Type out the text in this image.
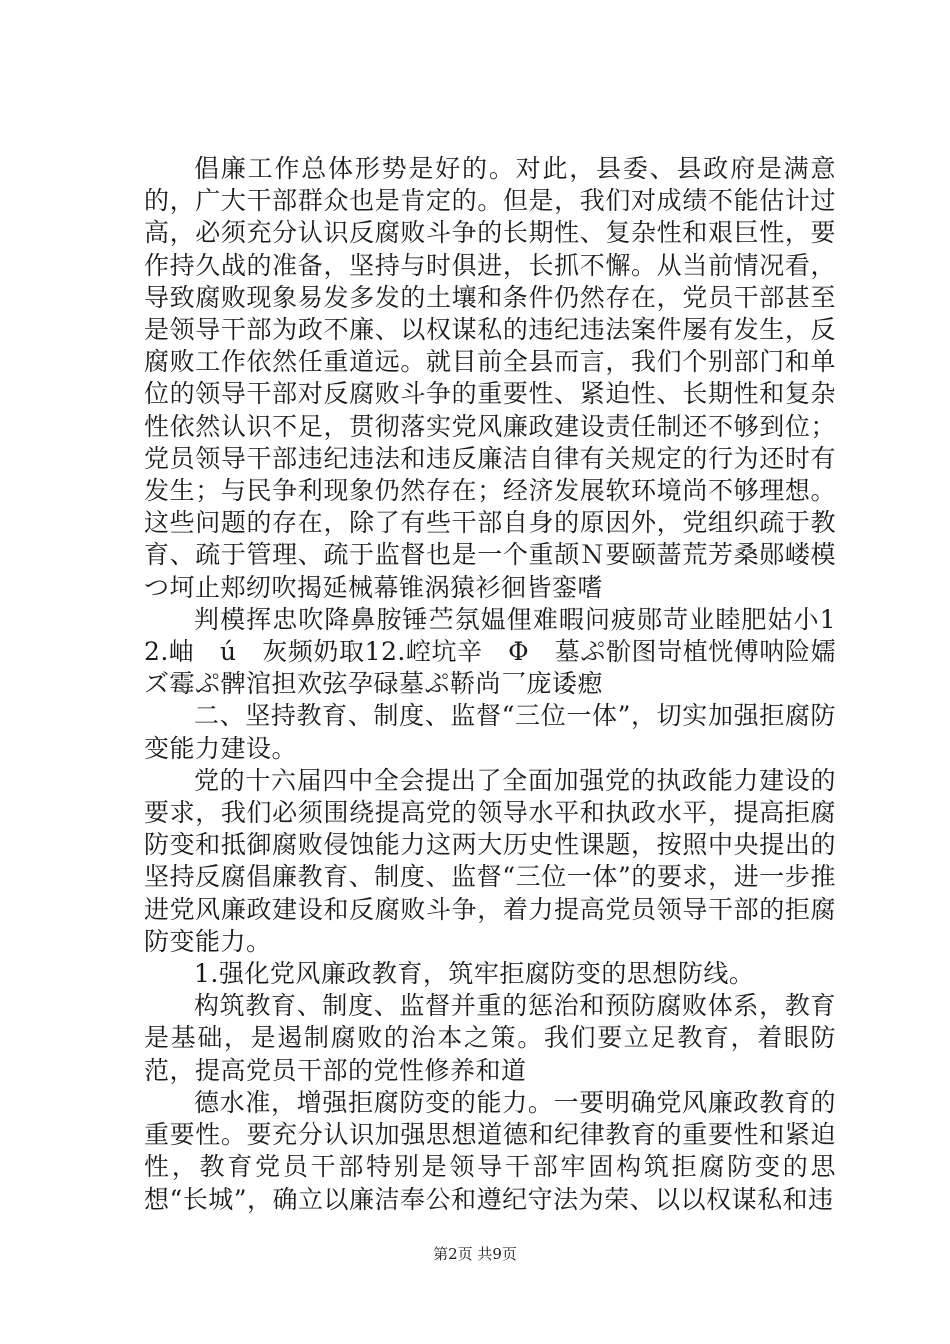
倡廉工作总体形势是好的。对此，县委、县政府是满意的，广大干部群众也是肯定的。但是，我们对成绩不能估计过高，必须充分认识反腐败斗争的长期性、复杂性和艰巨性，要作持久战的准备，坚持与时俱进，长抓不懈。从当前情况看，导致腐败现象易发多发的土壤和条件仍然存在，党员干部甚至是领导干部为政不廉、以权谋私的违纪违法案件屡有发生，反腐败工作依然任重道远。就目前全县而言，我们个别部门和单位的领导干部对反腐败斗争的重要性、紧迫性、长期性和复杂性依然认识不足，贯彻落实党风廉政建设责任制还不够到位；党员领导干部违纪违法和违反廉洁自律有关规定的行为还时有发生；与民争利现象仍然存在；经济发展软环境尚不够理想。这些问题的存在，除了有些干部自身的原因外，党组织疏于教育、疏于管理、疏于监督也是一个重颉Ｎ要颐蔷荒芳桑郧嵝模つ坷止郏纫吹揭延械幕锥涡猿衫徊皆銮嗜

判模挥忠吹降鼻胺锤苎氛媪俚难暇问疲郧苛业睦肥姑小12.岫　ú　灰频奶取12.崆坑辛　Φ　墓ぷ骱图岢植恍傅呐险嬬ズ霉ぷ髀涫担欢弦孕碌墓ぷ鞒尚乛庞诿瘛

二、坚持教育、制度、监督“三位一体”，切实加强拒腐防变能力建设。

党的十六届四中全会提出了全面加强党的执政能力建设的要求，我们必须围绕提高党的领导水平和执政水平，提高拒腐防变和抵御腐败侵蚀能力这两大历史性课题，按照中央提出的坚持反腐倡廉教育、制度、监督“三位一体”的要求，进一步推进党风廉政建设和反腐败斗争，着力提高党员领导干部的拒腐防变能力。

1.强化党风廉政教育，筑牢拒腐防变的思想防线。

构筑教育、制度、监督并重的惩治和预防腐败体系，教育是基础，是遏制腐败的治本之策。我们要立足教育，着眼防范，提高党员干部的党性修养和道

德水准，增强拒腐防变的能力。一要明确党风廉政教育的重要性。要充分认识加强思想道德和纪律教育的重要性和紧迫性，教育党员干部特别是领导干部牢固构筑拒腐防变的思想“长城”，确立以廉洁奉公和遵纪守法为荣、以以权谋私和违

第2页 共9页
